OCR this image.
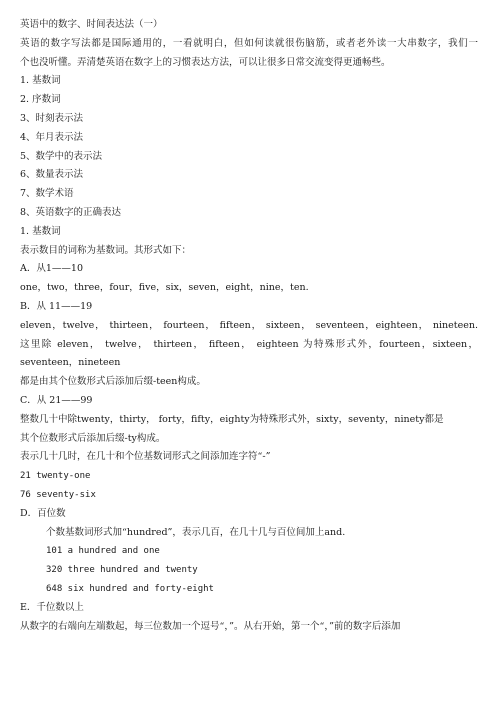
英语中的数字、时间表达法（一）
英语的数字写法都是国际通用的，一看就明白，但如何读就很伤脑筋，或者老外读一大串数字，我们一
个也没听懂。弄清楚英语在数字上的习惯表达方法，可以让很多日常交流变得更通畅些。
1. 基数词
2. 序数词
3、时刻表示法
4、年月表示法
5、数学中的表示法
6、数量表示法
7、数学术语
8、英语数字的正确表达
1. 基数词
表示数目的词称为基数词。其形式如下：
A．从1——10
one，two，three，four，five，six，seven，eight，nine，ten.
B．从 11——19
eleven，twelve， thirteen， fourteen， fifteen， sixteen， seventeen，eighteen， nineteen.
这里除 eleven， twelve， thirteen， fifteen， eighteen 为特殊形式外，fourteen，sixteen，
seventeen，nineteen
都是由其个位数形式后添加后缀-teen构成。
C．从 21——99
整数几十中除twenty，thirty， forty，fifty，eighty为特殊形式外，sixty，seventy，ninety都是
其个位数形式后添加后缀-ty构成。
表示几十几时，在几十和个位基数词形式之间添加连字符“-”
21 twenty-one
76 seventy-six
D．百位数
个数基数词形式加“hundred”，表示几百，在几十几与百位间加上and.
101 a hundred and one
320 three hundred and twenty
648 six hundred and forty-eight
E．千位数以上
从数字的右端向左端数起，每三位数加一个逗号“，”。从右开始，第一个“，”前的数字后添加
